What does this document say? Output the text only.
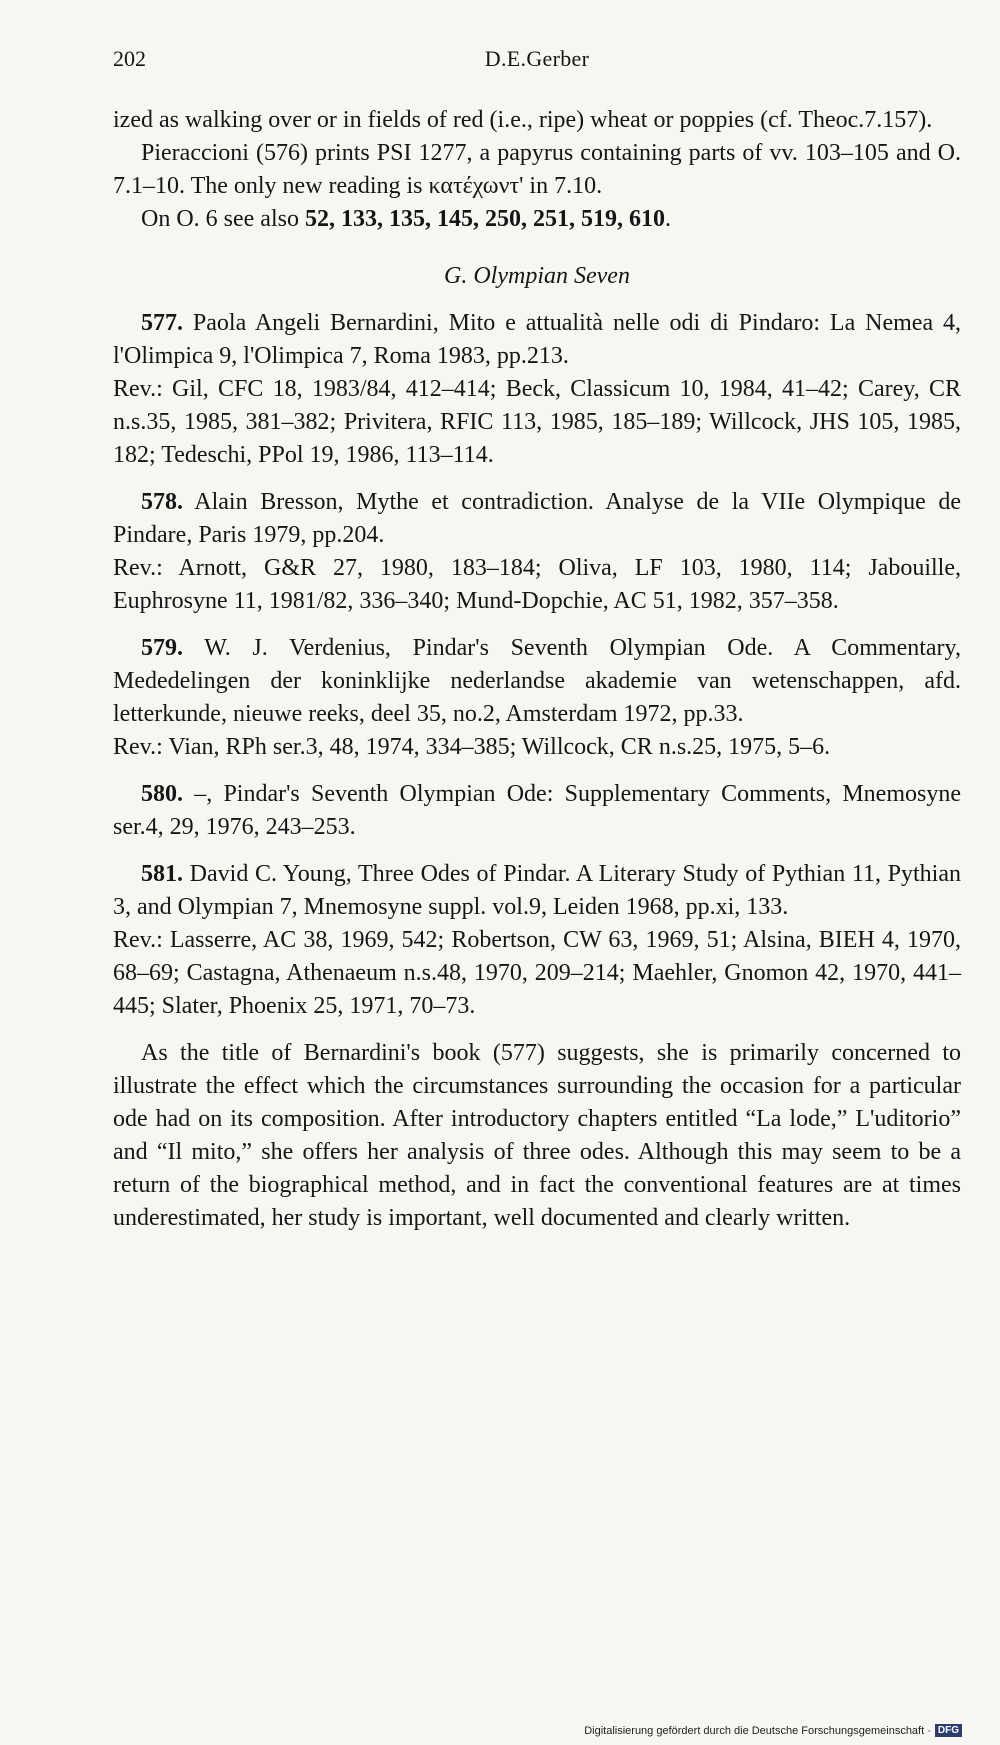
202	D.E.Gerber

ized as walking over or in fields of red (i.e., ripe) wheat or poppies (cf. Theoc.7.157).

Pieraccioni (576) prints PSI 1277, a papyrus containing parts of vv. 103–105 and O. 7.1–10. The only new reading is κατέχωντ' in 7.10.

On O. 6 see also 52, 133, 135, 145, 250, 251, 519, 610.

G. Olympian Seven

577. Paola Angeli Bernardini, Mito e attualità nelle odi di Pindaro: La Nemea 4, l'Olimpica 9, l'Olimpica 7, Roma 1983, pp.213.

Rev.: Gil, CFC 18, 1983/84, 412–414; Beck, Classicum 10, 1984, 41–42; Carey, CR n.s.35, 1985, 381–382; Privitera, RFIC 113, 1985, 185–189; Willcock, JHS 105, 1985, 182; Tedeschi, PPol 19, 1986, 113–114.

578. Alain Bresson, Mythe et contradiction. Analyse de la VIIe Olympique de Pindare, Paris 1979, pp.204.

Rev.: Arnott, G&R 27, 1980, 183–184; Oliva, LF 103, 1980, 114; Jabouille, Euphrosyne 11, 1981/82, 336–340; Mund-Dopchie, AC 51, 1982, 357–358.

579. W. J. Verdenius, Pindar's Seventh Olympian Ode. A Commentary, Mededelingen der koninklijke nederlandse akademie van wetenschappen, afd. letterkunde, nieuwe reeks, deel 35, no.2, Amsterdam 1972, pp.33.

Rev.: Vian, RPh ser.3, 48, 1974, 334–385; Willcock, CR n.s.25, 1975, 5–6.

580. –, Pindar's Seventh Olympian Ode: Supplementary Comments, Mnemosyne ser.4, 29, 1976, 243–253.

581. David C. Young, Three Odes of Pindar. A Literary Study of Pythian 11, Pythian 3, and Olympian 7, Mnemosyne suppl. vol.9, Leiden 1968, pp.xi, 133.

Rev.: Lasserre, AC 38, 1969, 542; Robertson, CW 63, 1969, 51; Alsina, BIEH 4, 1970, 68–69; Castagna, Athenaeum n.s.48, 1970, 209–214; Maehler, Gnomon 42, 1970, 441–445; Slater, Phoenix 25, 1971, 70–73.

As the title of Bernardini's book (577) suggests, she is primarily concerned to illustrate the effect which the circumstances surrounding the occasion for a particular ode had on its composition. After introductory chapters entitled “La lode,” L'uditorio” and “Il mito,” she offers her analysis of three odes. Although this may seem to be a return of the biographical method, and in fact the conventional features are at times underestimated, her study is important, well documented and clearly written.

Digitalisierung gefördert durch die Deutsche Forschungsgemeinschaft · DFG
